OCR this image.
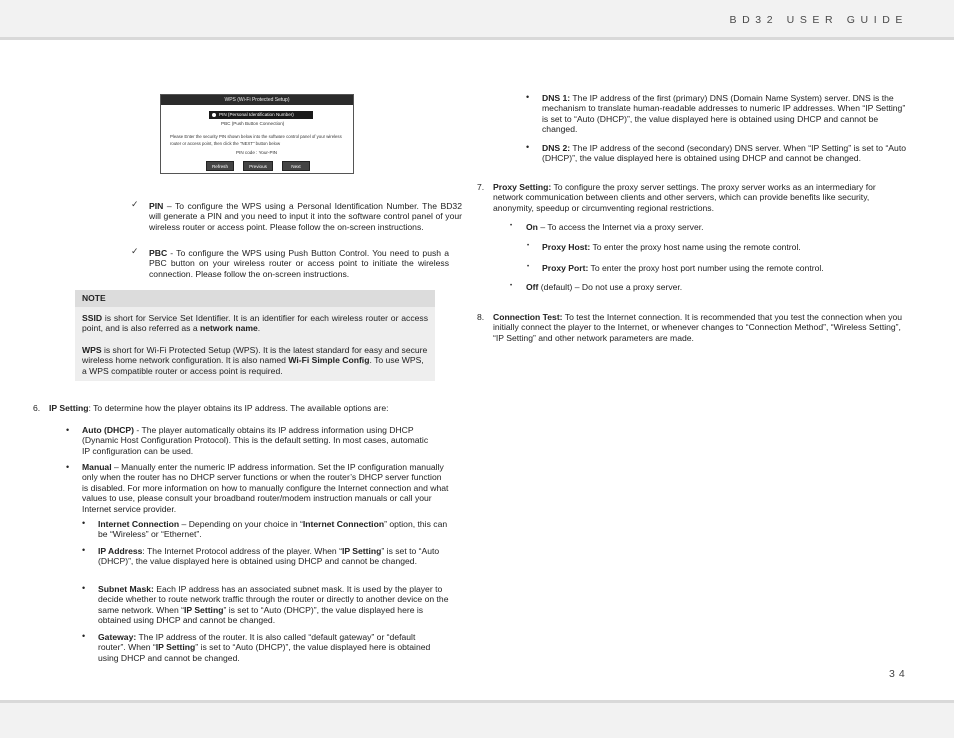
BD32 USER GUIDE
WPS (Wi-Fi Protected Setup)
PIN (Personal Identification Number)
PBC (Push Button Connection)
Please Enter the security PIN shown below into the software control panel of your wireless router or access point, then click the "NEXT" button below
PIN code : Your-PIN
Refresh	Previous	Next
✓ PIN – To configure the WPS using a Personal Identification Number. The BD32 will generate a PIN and you need to input it into the software control panel of your wireless router or access point. Please follow the on-screen instructions.
✓ PBC - To configure the WPS using Push Button Control. You need to push a PBC button on your wireless router or access point to initiate the wireless connection. Please follow the on-screen instructions.
NOTE
SSID is short for Service Set Identifier. It is an identifier for each wireless router or access point, and is also referred as a network name.
WPS is short for Wi-Fi Protected Setup (WPS). It is the latest standard for easy and secure wireless home network configuration. It is also named Wi-Fi Simple Config. To use WPS, a WPS compatible router or access point is required.
6. IP Setting: To determine how the player obtains its IP address. The available options are:
• Auto (DHCP) - The player automatically obtains its IP address information using DHCP (Dynamic Host Configuration Protocol). This is the default setting. In most cases, automatic IP configuration can be used.
• Manual – Manually enter the numeric IP address information. Set the IP configuration manually only when the router has no DHCP server functions or when the router’s DHCP server function is disabled. For more information on how to manually configure the Internet connection and what values to use, please consult your broadband router/modem instruction manuals or call your Internet service provider.
• Internet Connection – Depending on your choice in “Internet Connection” option, this can be “Wireless” or “Ethernet”.
• IP Address: The Internet Protocol address of the player. When “IP Setting” is set to “Auto (DHCP)”, the value displayed here is obtained using DHCP and cannot be changed.
• Subnet Mask: Each IP address has an associated subnet mask. It is used by the player to decide whether to route network traffic through the router or directly to another device on the same network. When “IP Setting” is set to “Auto (DHCP)”, the value displayed here is obtained using DHCP and cannot be changed.
• Gateway: The IP address of the router. It is also called “default gateway” or “default router”. When “IP Setting” is set to “Auto (DHCP)”, the value displayed here is obtained using DHCP and cannot be changed.
• DNS 1: The IP address of the first (primary) DNS (Domain Name System) server. DNS is the mechanism to translate human-readable addresses to numeric IP addresses. When “IP Setting” is set to “Auto (DHCP)”, the value displayed here is obtained using DHCP and cannot be changed.
• DNS 2: The IP address of the second (secondary) DNS server. When “IP Setting” is set to “Auto (DHCP)”, the value displayed here is obtained using DHCP and cannot be changed.
7. Proxy Setting: To configure the proxy server settings. The proxy server works as an intermediary for network communication between clients and other servers, which can provide benefits like security, anonymity, speedup or circumventing regional restrictions.
• On – To access the Internet via a proxy server.
• Proxy Host: To enter the proxy host name using the remote control.
• Proxy Port: To enter the proxy host port number using the remote control.
• Off (default) – Do not use a proxy server.
8. Connection Test: To test the Internet connection. It is recommended that you test the connection when you initially connect the player to the Internet, or whenever changes to “Connection Method”, “Wireless Setting”, “IP Setting” and other network parameters are made.
34
